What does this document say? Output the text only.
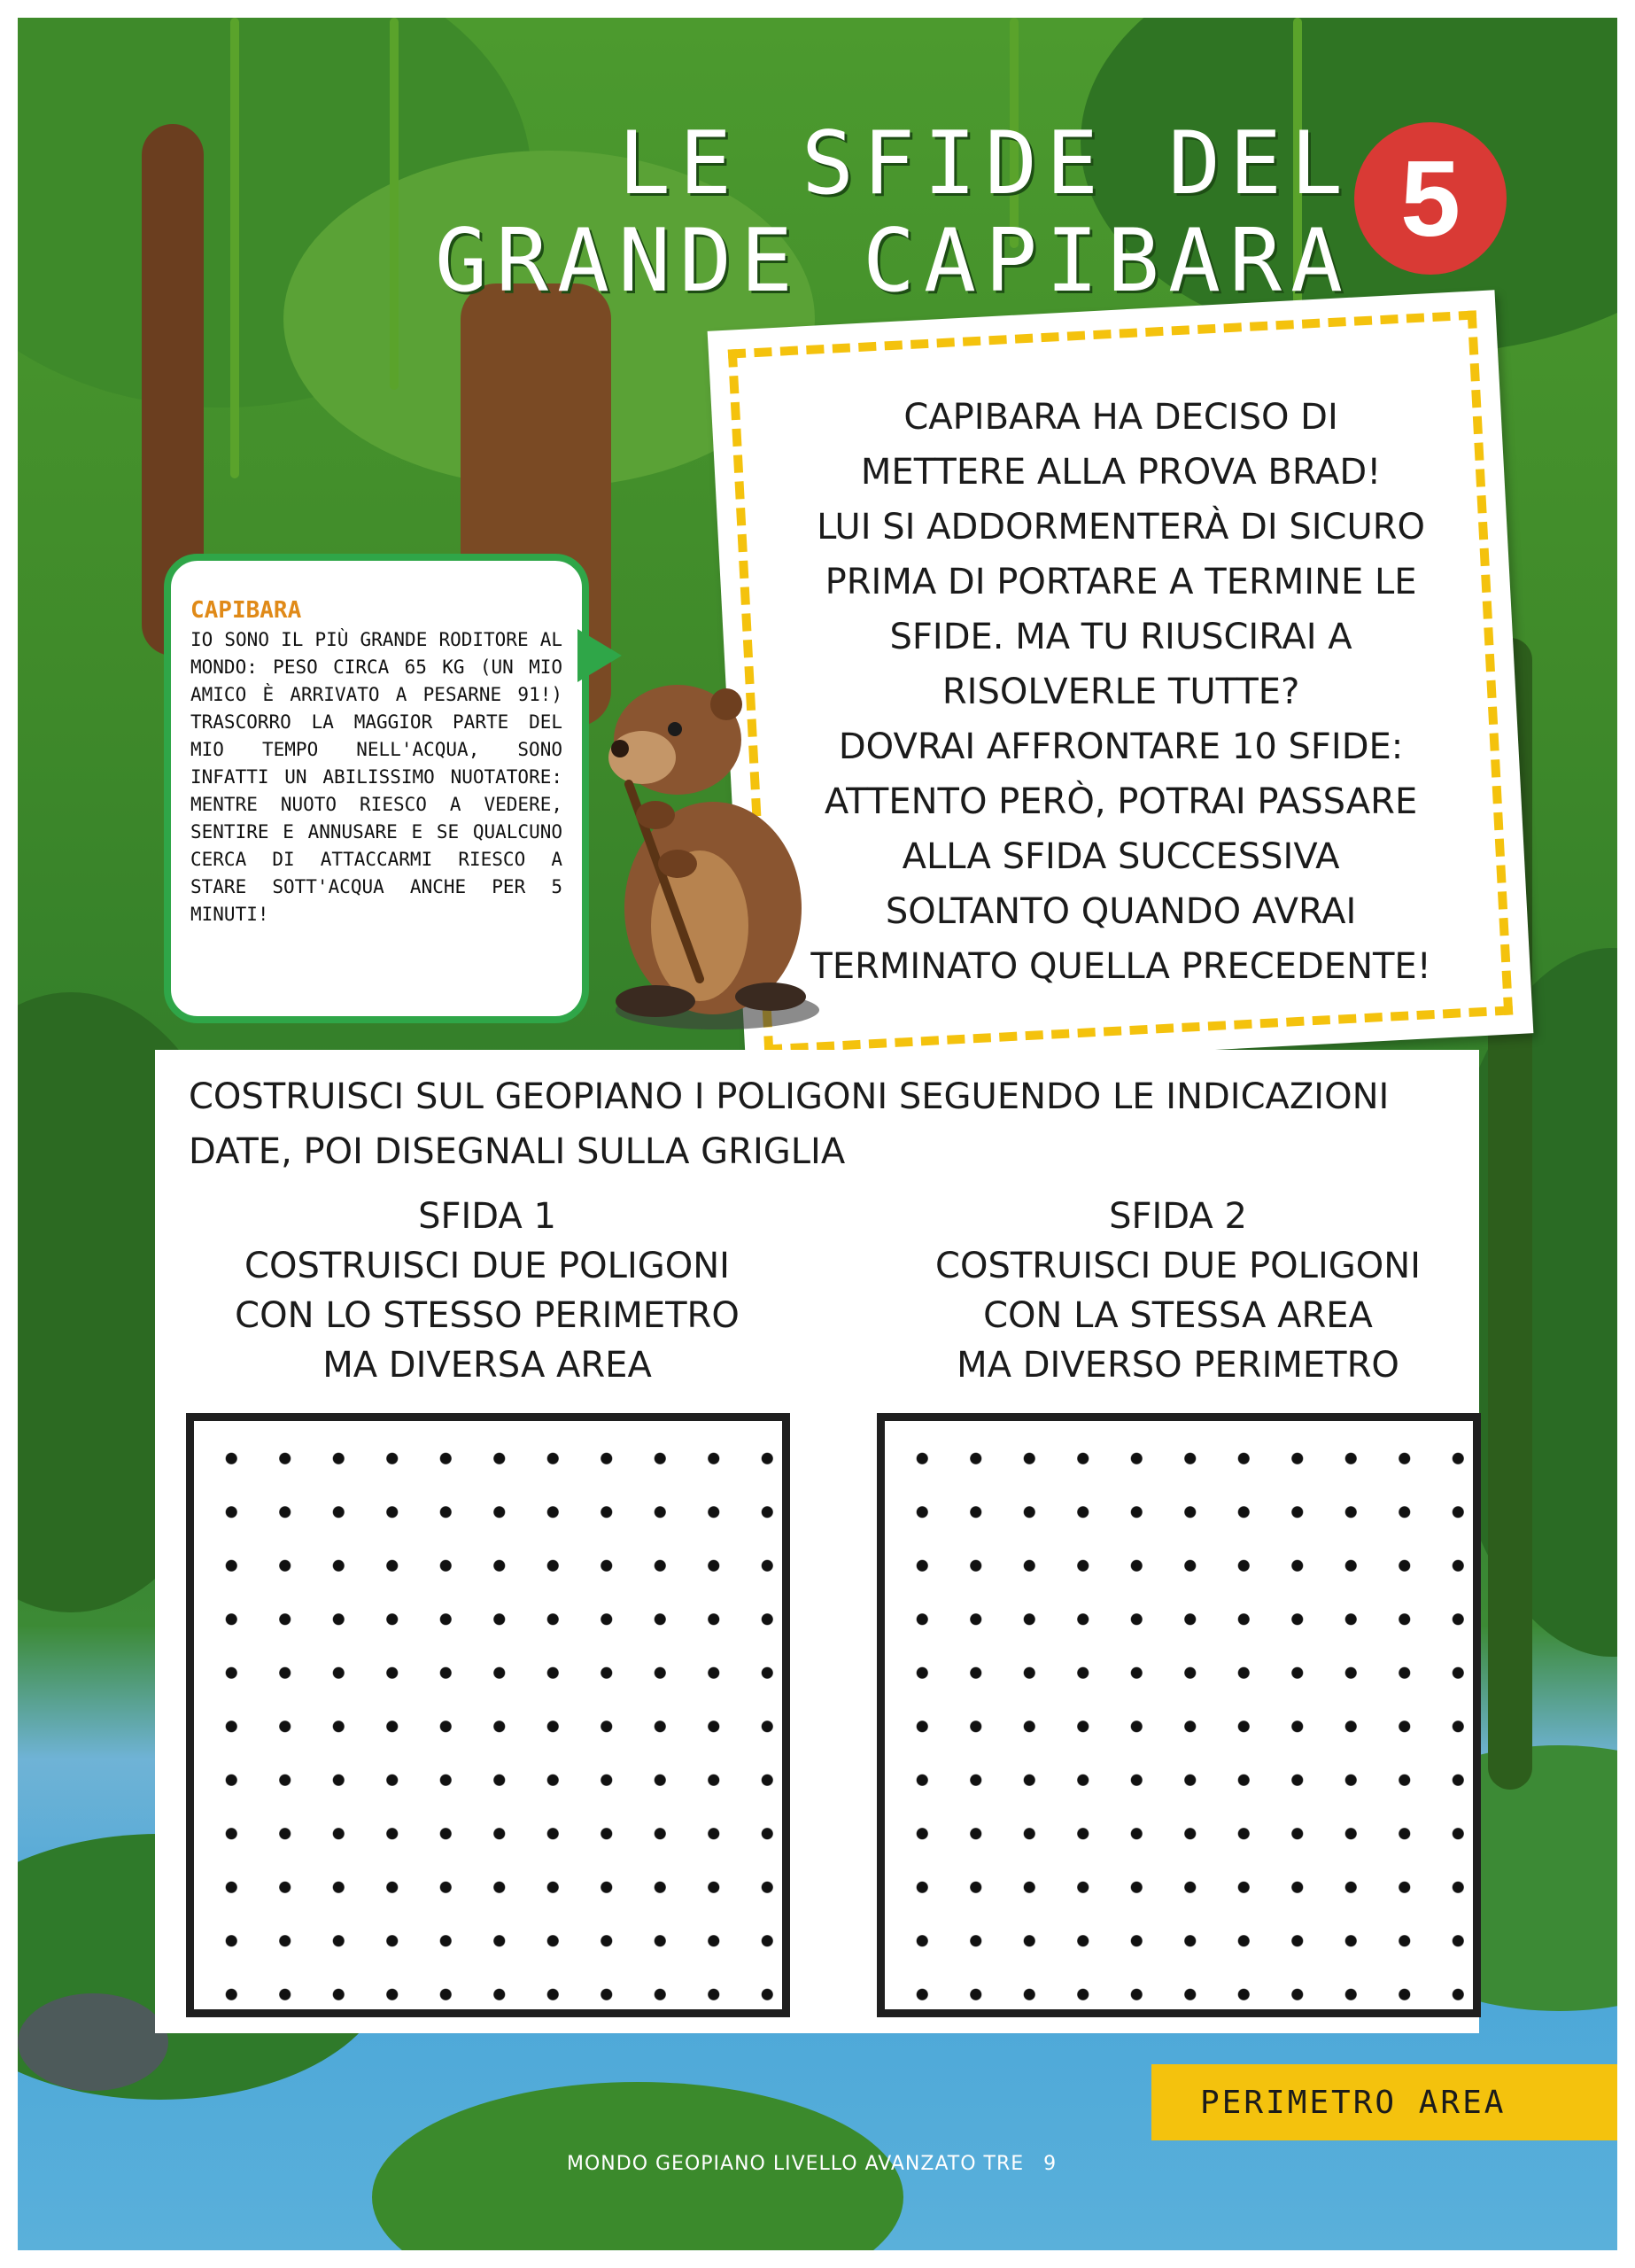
LE SFIDE DEL
GRANDE CAPIBARA
5
CAPIBARA HA DECISO DI
METTERE ALLA PROVA BRAD!
LUI SI ADDORMENTERÀ DI SICURO
PRIMA DI PORTARE A TERMINE LE
SFIDE. MA TU RIUSCIRAI A
RISOLVERLE TUTTE?
DOVRAI AFFRONTARE 10 SFIDE:
ATTENTO PERÒ, POTRAI PASSARE
ALLA SFIDA SUCCESSIVA
SOLTANTO QUANDO AVRAI
TERMINATO QUELLA PRECEDENTE!
CAPIBARA
IO SONO IL PIÙ GRANDE RODITORE AL MONDO: PESO CIRCA 65 KG (UN MIO AMICO È ARRIVATO A PESARNE 91!) TRASCORRO LA MAGGIOR PARTE DEL MIO TEMPO NELL'ACQUA, SONO INFATTI UN ABILISSIMO NUOTATORE: MENTRE NUOTO RIESCO A VEDERE, SENTIRE E ANNUSARE E SE QUALCUNO CERCA DI ATTACCARMI RIESCO A STARE SOTT'ACQUA ANCHE PER 5 MINUTI!
COSTRUISCI SUL GEOPIANO I POLIGONI SEGUENDO LE INDICAZIONI DATE, POI DISEGNALI SULLA GRIGLIA
SFIDA 1
COSTRUISCI DUE POLIGONI
CON LO STESSO PERIMETRO
MA DIVERSA AREA
SFIDA 2
COSTRUISCI DUE POLIGONI
CON LA STESSA AREA
MA DIVERSO PERIMETRO
PERIMETRO AREA
MONDO GEOPIANO LIVELLO AVANZATO TRE 9
